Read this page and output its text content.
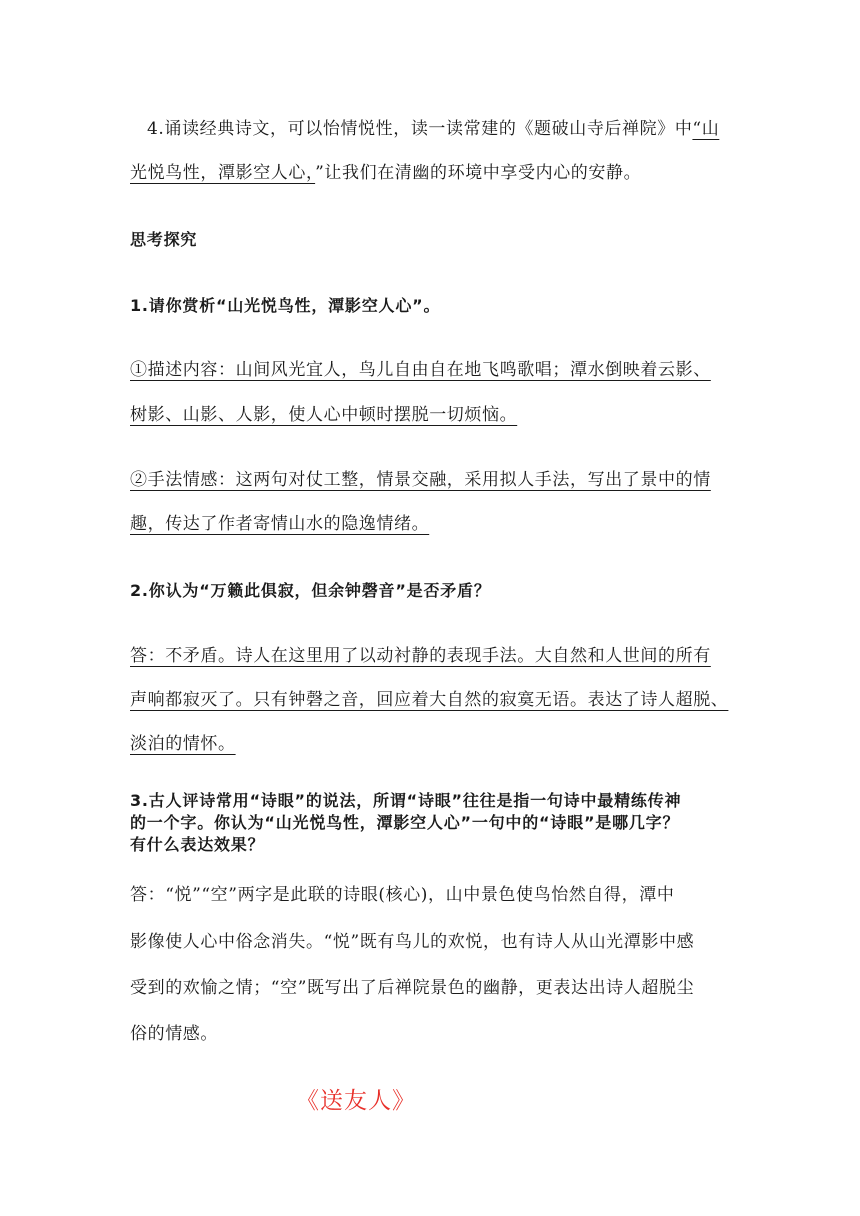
4.诵读经典诗文，可以怡情悦性，读一读常建的《题破山寺后禅院》中“山
光悦鸟性，潭影空人心，”让我们在清幽的环境中享受内心的安静。
思考探究
1.请你赏析“山光悦鸟性，潭影空人心”。
①描述内容：山间风光宜人，鸟儿自由自在地飞鸣歌唱；潭水倒映着云影、
树影、山影、人影，使人心中顿时摆脱一切烦恼。
②手法情感：这两句对仗工整，情景交融，采用拟人手法，写出了景中的情
趣，传达了作者寄情山水的隐逸情绪。
2.你认为“万籁此俱寂，但余钟磬音”是否矛盾？
答：不矛盾。诗人在这里用了以动衬静的表现手法。大自然和人世间的所有
声响都寂灭了。只有钟磬之音，回应着大自然的寂寞无语。表达了诗人超脱、
淡泊的情怀。
3.古人评诗常用“诗眼”的说法，所谓“诗眼”往往是指一句诗中最精练传神
的一个字。你认为“山光悦鸟性，潭影空人心”一句中的“诗眼”是哪几字？
有什么表达效果？
答：“悦”“空”两字是此联的诗眼(核心)，山中景色使鸟怡然自得，潭中
影像使人心中俗念消失。“悦”既有鸟儿的欢悦，也有诗人从山光潭影中感
受到的欢愉之情；“空”既写出了后禅院景色的幽静，更表达出诗人超脱尘
俗的情感。
《送友人》
